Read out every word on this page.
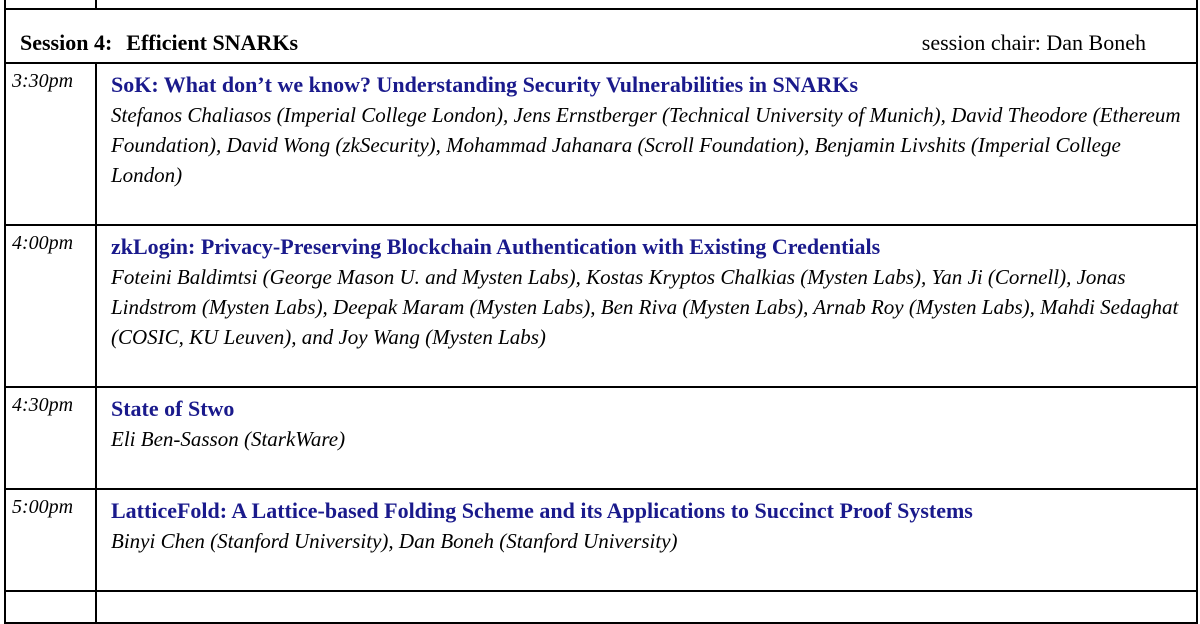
Session 4: Efficient SNARKs session chair: Dan Boneh	

3:30pm	SoK: What don’t we know? Understanding Security Vulnerabilities in SNARKs

Stefanos Chaliasos (Imperial College London), Jens Ernstberger (Technical University of Munich), David Theodore (Ethereum Foundation), David Wong (zkSecurity), Mohammad Jahanara (Scroll Foundation), Benjamin Livshits (Imperial College London)

4:00pm	zkLogin: Privacy-Preserving Blockchain Authentication with Existing Credentials

Foteini Baldimtsi (George Mason U. and Mysten Labs), Kostas Kryptos Chalkias (Mysten Labs), Yan Ji (Cornell), Jonas Lindstrom (Mysten Labs), Deepak Maram (Mysten Labs), Ben Riva (Mysten Labs), Arnab Roy (Mysten Labs), Mahdi Sedaghat (COSIC, KU Leuven), and Joy Wang (Mysten Labs)

4:30pm	State of Stwo

Eli Ben-Sasson (StarkWare)

5:00pm	LatticeFold: A Lattice-based Folding Scheme and its Applications to Succinct Proof Systems

Binyi Chen (Stanford University), Dan Boneh (Stanford University)
